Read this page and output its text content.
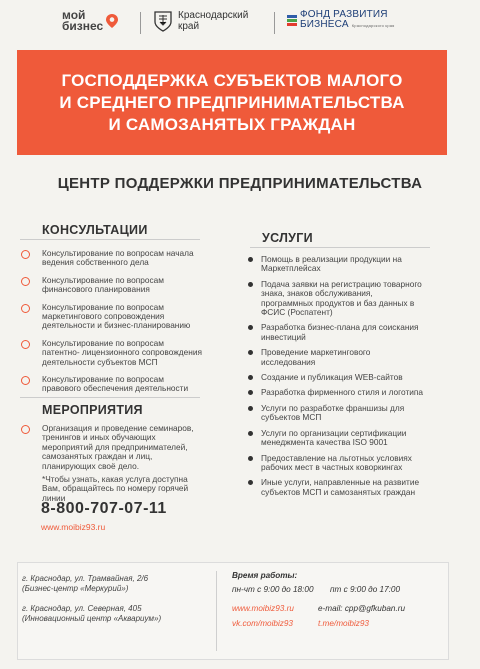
мой
бизнес
Краснодарский
край
ФОНД РАЗВИТИЯ
БИЗНЕСА Краснодарского края
ГОСПОДДЕРЖКА СУБЪЕКТОВ МАЛОГО
И СРЕДНЕГО ПРЕДПРИНИМАТЕЛЬСТВА
И САМОЗАНЯТЫХ ГРАЖДАН
ЦЕНТР ПОДДЕРЖКИ ПРЕДПРИНИМАТЕЛЬСТВА
КОНСУЛЬТАЦИИ
Консультирование по вопросам начала ведения собственного дела
Консультирование по вопросам финансового планирования
Консультирование по вопросам маркетингового сопровождения деятельности и бизнес-планированию
Консультирование по вопросам патентно- лицензионного сопровождения деятельности субъектов МСП
Консультирование по вопросам правового обеспечения деятельности
МЕРОПРИЯТИЯ
Организация и проведение семинаров, тренингов и иных обучающих мероприятий для предпринимателей, самозанятых граждан и лиц, планирующих своё дело.
*Чтобы узнать, какая услуга доступна Вам, обращайтесь по номеру горячей линии
8-800-707-07-11
www.moibiz93.ru
УСЛУГИ
Помощь в реализации продукции на Маркетплейсах
Подача заявки на регистрацию товарного знака, знаков обслуживания, программных продуктов и баз данных в ФСИС (Роспатент)
Разработка бизнес-плана для соискания инвестиций
Проведение маркетингового исследования
Создание и публикация WEB-сайтов
Разработка фирменного стиля и логотипа
Услуги по разработке франшизы для субъектов МСП
Услуги по организации сертификации менеджмента качества ISO 9001
Предоставление на льготных условиях рабочих мест в частных коворкингах
Иные услуги, направленные на развитие субъектов МСП и самозанятых граждан
г. Краснодар, ул. Трамвайная, 2/6
(Бизнес-центр «Меркурий»)
г. Краснодар, ул. Северная, 405
(Инновационный центр «Аквариум»)
Время работы:
пн-чт с 9:00 до 18:00 пт с 9:00 до 17:00
www.moibiz93.ru	e-mail: cpp@gfkuban.ru
vk.com/moibiz93	t.me/moibiz93
